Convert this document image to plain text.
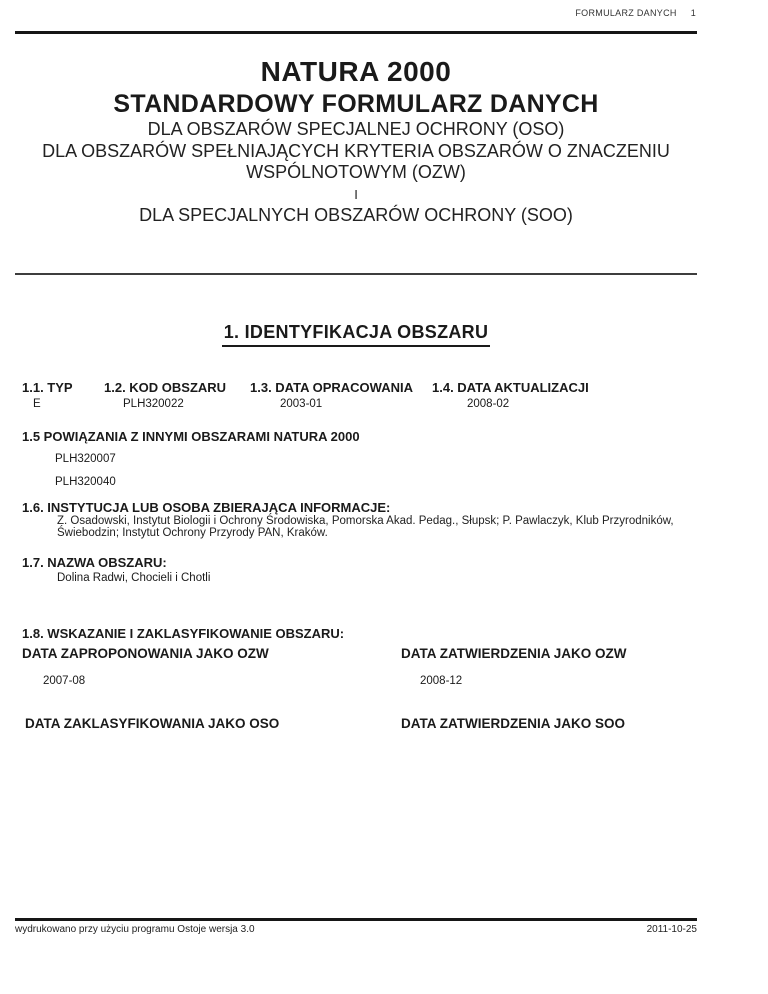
FORMULARZ DANYCH 1
NATURA 2000
STANDARDOWY FORMULARZ DANYCH
DLA OBSZARÓW SPECJALNEJ OCHRONY (OSO)
DLA OBSZARÓW SPEŁNIAJĄCYCH KRYTERIA OBSZARÓW O ZNACZENIU
WSPÓLNOTOWYM (OZW)
I
DLA SPECJALNYCH OBSZARÓW OCHRONY (SOO)
1. IDENTYFIKACJA OBSZARU
1.1. TYP
E
1.2. KOD OBSZARU
PLH320022
1.3. DATA OPRACOWANIA
2003-01
1.4. DATA AKTUALIZACJI
2008-02
1.5 POWIĄZANIA Z INNYMI OBSZARAMI NATURA 2000
PLH320007
PLH320040
1.6. INSTYTUCJA LUB OSOBA ZBIERAJĄCA INFORMACJE:
Z. Osadowski, Instytut Biologii i Ochrony Środowiska, Pomorska Akad. Pedag., Słupsk; P. Pawlaczyk, Klub Przyrodników, Świebodzin; Instytut Ochrony Przyrody PAN, Kraków.
1.7. NAZWA OBSZARU:
Dolina Radwi, Chocieli i Chotli
1.8. WSKAZANIE I ZAKLASYFIKOWANIE OBSZARU:
DATA ZAPROPONOWANIA JAKO OZW
2007-08
DATA ZATWIERDZENIA JAKO OZW
2008-12
DATA ZAKLASYFIKOWANIA JAKO OSO	DATA ZATWIERDZENIA JAKO SOO
wydrukowano przy użyciu programu Ostoje wersja 3.0	2011-10-25
